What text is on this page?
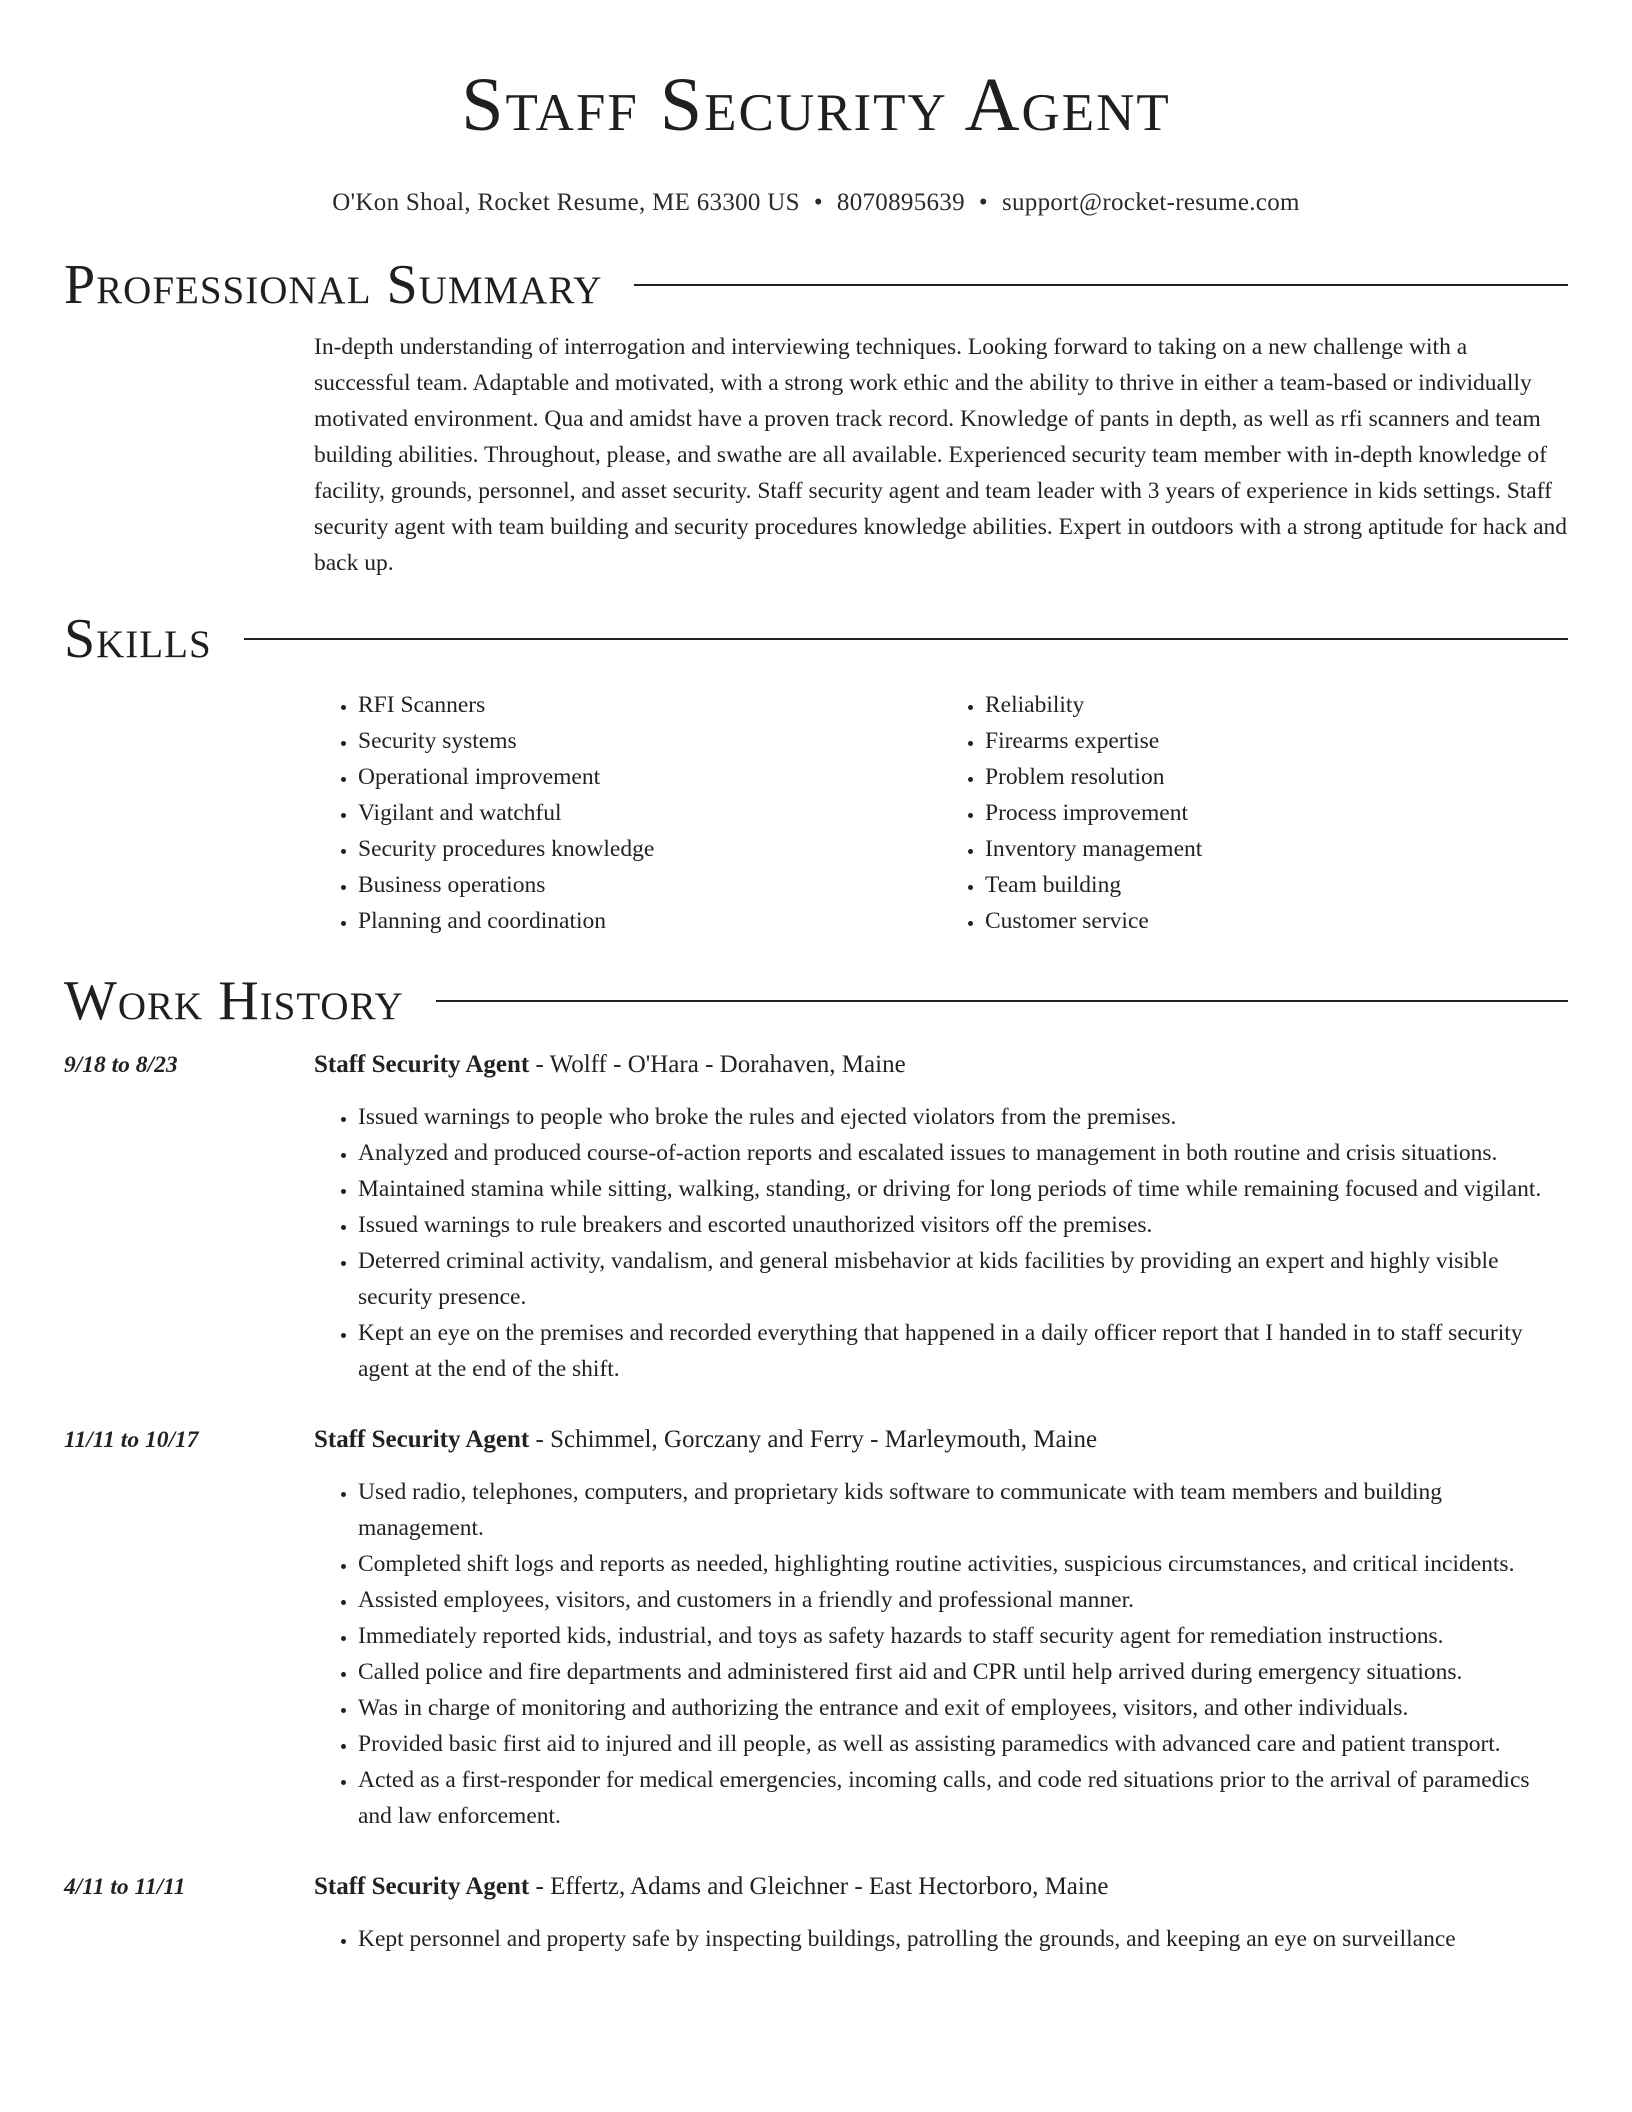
Staff Security Agent
O'Kon Shoal, Rocket Resume, ME 63300 US • 8070895639 • support@rocket-resume.com
Professional Summary

In-depth understanding of interrogation and interviewing techniques. Looking forward to taking on a new challenge with a successful team. Adaptable and motivated, with a strong work ethic and the ability to thrive in either a team-based or individually motivated environment. Qua and amidst have a proven track record. Knowledge of pants in depth, as well as rfi scanners and team building abilities. Throughout, please, and swathe are all available. Experienced security team member with in-depth knowledge of facility, grounds, personnel, and asset security. Staff security agent and team leader with 3 years of experience in kids settings. Staff security agent with team building and security procedures knowledge abilities. Expert in outdoors with a strong aptitude for hack and back up.

Skills
• RFI Scanners
• Security systems
• Operational improvement
• Vigilant and watchful
• Security procedures knowledge
• Business operations
• Planning and coordination
• Reliability
• Firearms expertise
• Problem resolution
• Process improvement
• Inventory management
• Team building
• Customer service
Work History
9/18 to 8/23	Staff Security Agent - Wolff - O'Hara - Dorahaven, Maine
• Issued warnings to people who broke the rules and ejected violators from the premises.
• Analyzed and produced course-of-action reports and escalated issues to management in both routine and crisis situations.
• Maintained stamina while sitting, walking, standing, or driving for long periods of time while remaining focused and vigilant.
• Issued warnings to rule breakers and escorted unauthorized visitors off the premises.
• Deterred criminal activity, vandalism, and general misbehavior at kids facilities by providing an expert and highly visible security presence.
• Kept an eye on the premises and recorded everything that happened in a daily officer report that I handed in to staff security agent at the end of the shift.
11/11 to 10/17	Staff Security Agent - Schimmel, Gorczany and Ferry - Marleymouth, Maine
• Used radio, telephones, computers, and proprietary kids software to communicate with team members and building management.
• Completed shift logs and reports as needed, highlighting routine activities, suspicious circumstances, and critical incidents.
• Assisted employees, visitors, and customers in a friendly and professional manner.
• Immediately reported kids, industrial, and toys as safety hazards to staff security agent for remediation instructions.
• Called police and fire departments and administered first aid and CPR until help arrived during emergency situations.
• Was in charge of monitoring and authorizing the entrance and exit of employees, visitors, and other individuals.
• Provided basic first aid to injured and ill people, as well as assisting paramedics with advanced care and patient transport.
• Acted as a first-responder for medical emergencies, incoming calls, and code red situations prior to the arrival of paramedics and law enforcement.
4/11 to 11/11	Staff Security Agent - Effertz, Adams and Gleichner - East Hectorboro, Maine
• Kept personnel and property safe by inspecting buildings, patrolling the grounds, and keeping an eye on surveillance
